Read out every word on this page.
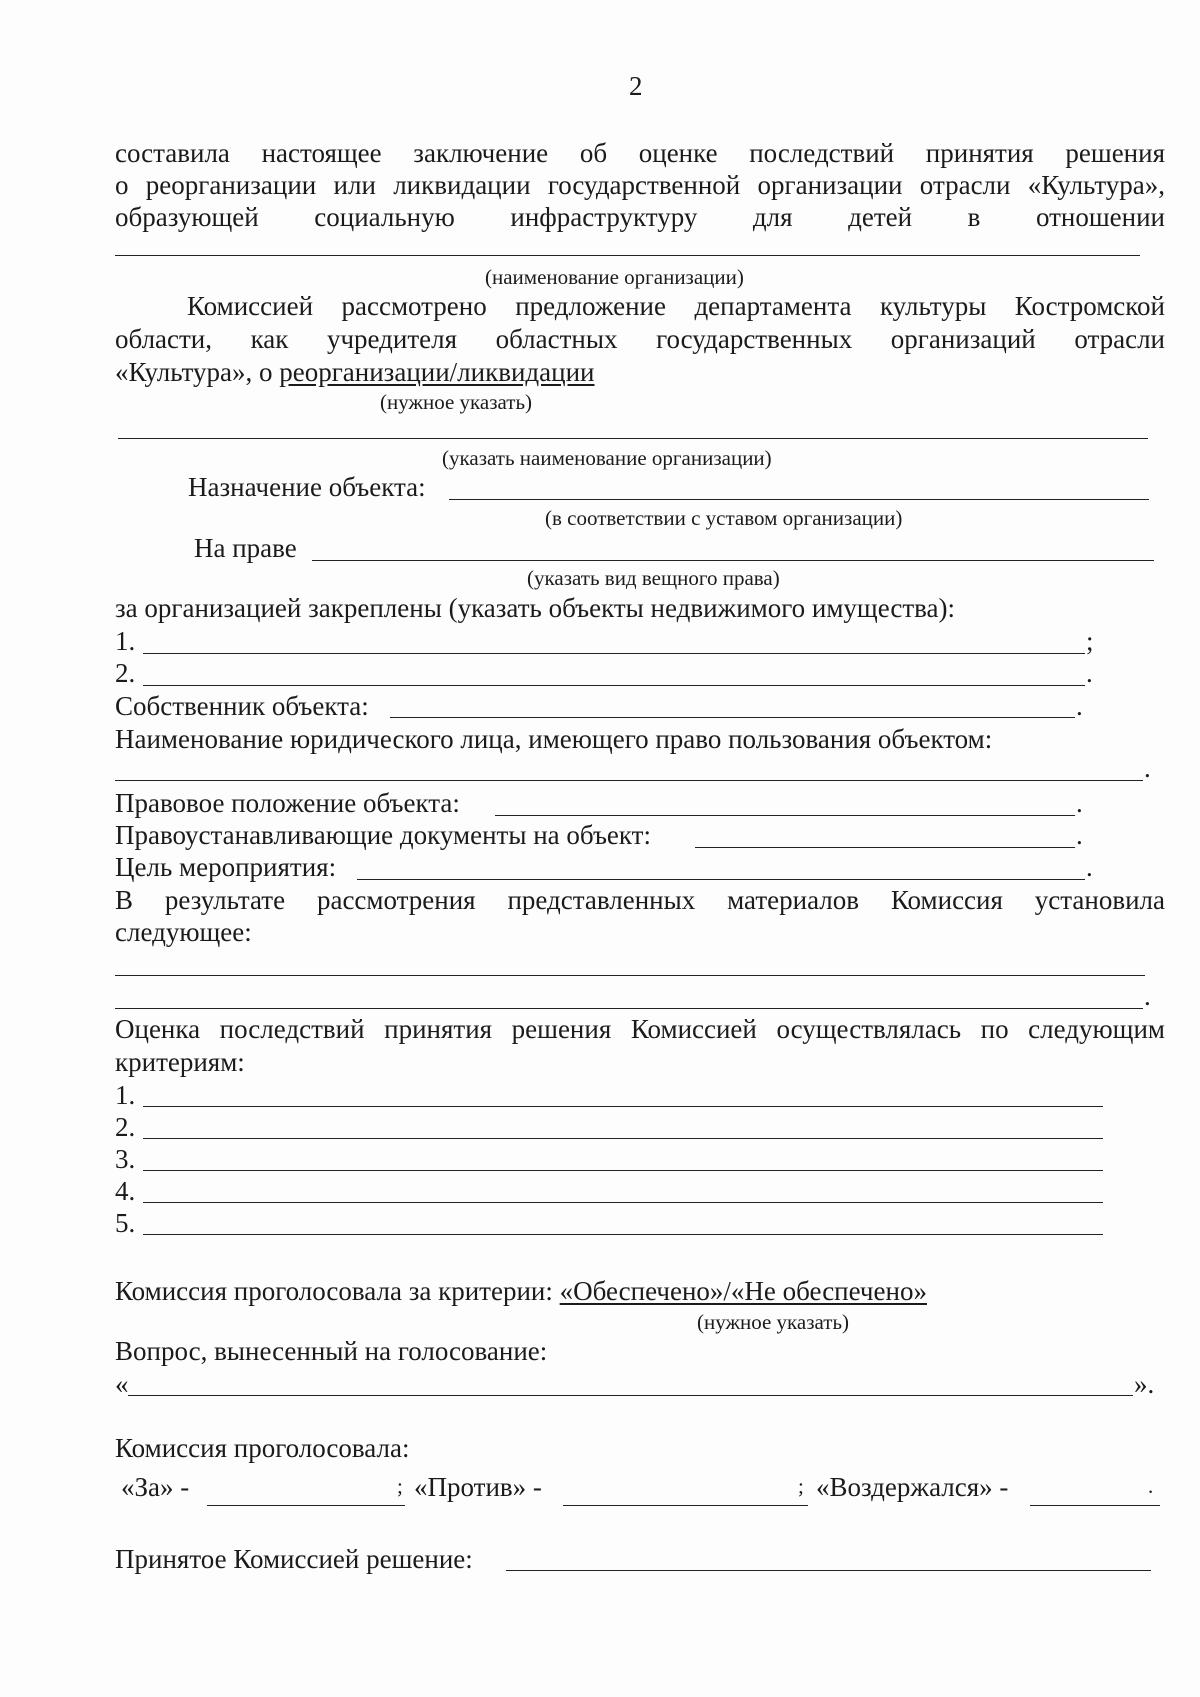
2
составила настоящее заключение об оценке последствий принятия решения
о реорганизации или ликвидации государственной организации отрасли «Культура»,
образующей социальную инфраструктуру для детей в отношении
(наименование организации)
Комиссией рассмотрено предложение департамента культуры Костромской
области, как учредителя областных государственных организаций отрасли
«Культура», о реорганизации/ликвидации
(нужное указать)
(указать наименование организации)
Назначение объекта:
(в соответствии с уставом организации)
На праве
(указать вид вещного права)
за организацией закреплены (указать объекты недвижимого имущества):
1.	;
2.	.
Собственник объекта:	.
Наименование юридического лица, имеющего право пользования объектом:
.
Правовое положение объекта:	.
Правоустанавливающие документы на объект:	.
Цель мероприятия:	.
В результате рассмотрения представленных материалов Комиссия установила
следующее:
.
Оценка последствий принятия решения Комиссией осуществлялась по следующим
критериям:
1.
2.
3.
4.
5.
Комиссия проголосовала за критерии: «Обеспечено»/«Не обеспечено»
(нужное указать)
Вопрос, вынесенный на голосование:
«	».
Комиссия проголосовала:
«За» -	; «Против» -	; «Воздержался» -	.
Принятое Комиссией решение:
